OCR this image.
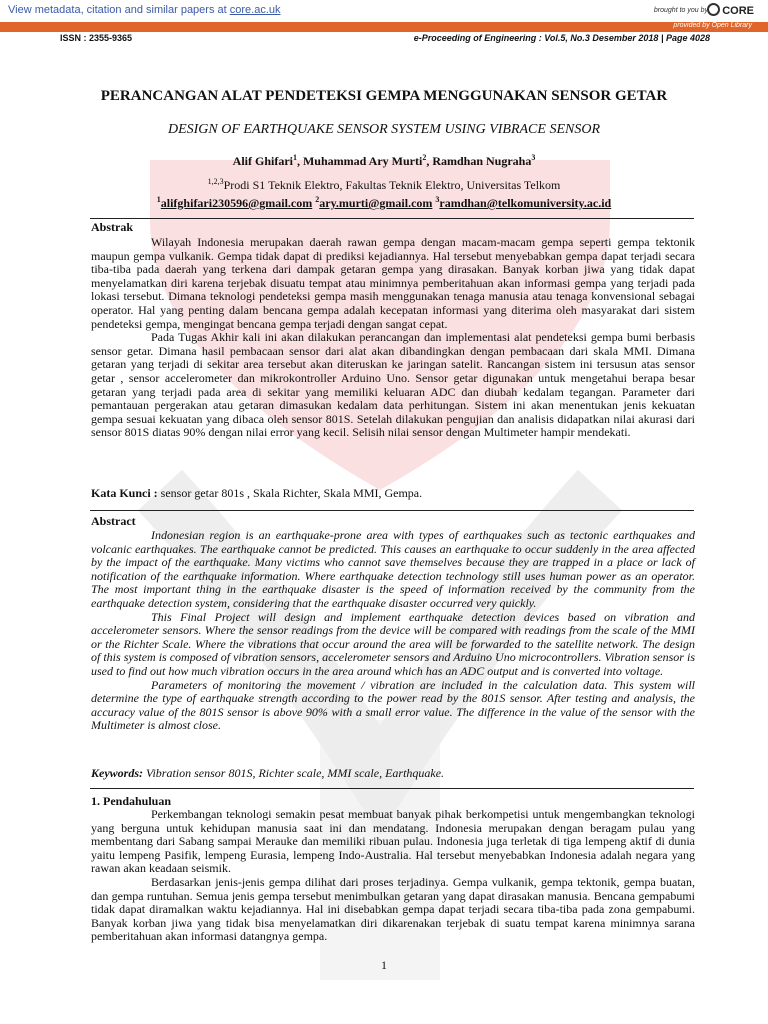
View metadata, citation and similar papers at core.ac.uk	brought to you by	CORE
provided by Open Library
ISSN : 2355-9365	e-Proceeding of Engineering : Vol.5, No.3 Desember 2018 | Page 4028
PERANCANGAN ALAT PENDETEKSI GEMPA MENGGUNAKAN SENSOR GETAR
DESIGN OF EARTHQUAKE SENSOR SYSTEM USING VIBRACE SENSOR
Alif Ghifari$^1$, Muhammad Ary Murti$^2$, Ramdhan Nugraha$^3$
$^{1,2,3}$Prodi S1 Teknik Elektro, Fakultas Teknik Elektro, Universitas Telkom
$^1$alifghifari230596@gmail.com $^2$ary.murti@gmail.com $^3$ramdhan@telkomuniversity.ac.id
Abstrak

Wilayah Indonesia merupakan daerah rawan gempa dengan macam-macam gempa seperti gempa tektonik maupun gempa vulkanik. Gempa tidak dapat di prediksi kejadiannya. Hal tersebut menyebabkan gempa dapat terjadi secara tiba-tiba pada daerah yang terkena dari dampak getaran gempa yang dirasakan. Banyak korban jiwa yang tidak dapat menyelamatkan diri karena terjebak disuatu tempat atau minimnya pemberitahuan akan informasi gempa yang terjadi pada lokasi tersebut. Dimana teknologi pendeteksi gempa masih menggunakan tenaga manusia atau tenaga konvensional sebagai operator. Hal yang penting dalam bencana gempa adalah kecepatan informasi yang diterima oleh masyarakat dari sistem pendeteksi gempa, mengingat bencana gempa terjadi dengan sangat cepat.

Pada Tugas Akhir kali ini akan dilakukan perancangan dan implementasi alat pendeteksi gempa bumi berbasis sensor getar. Dimana hasil pembacaan sensor dari alat akan dibandingkan dengan pembacaan dari skala MMI. Dimana getaran yang terjadi di sekitar area tersebut akan diteruskan ke jaringan satelit. Rancangan sistem ini tersusun atas sensor getar , sensor accelerometer dan mikrokontroller Arduino Uno. Sensor getar digunakan untuk mengetahui berapa besar getaran yang terjadi pada area di sekitar yang memiliki keluaran ADC dan diubah kedalam tegangan. Parameter dari pemantauan pergerakan atau getaran dimasukan kedalam data perhitungan. Sistem ini akan menentukan jenis kekuatan gempa sesuai kekuatan yang dibaca oleh sensor 801S. Setelah dilakukan pengujian dan analisis didapatkan nilai akurasi dari sensor 801S diatas 90% dengan nilai error yang kecil. Selisih nilai sensor dengan Multimeter hampir mendekati.

Kata Kunci : sensor getar 801s , Skala Richter, Skala MMI, Gempa.
Abstract

Indonesian region is an earthquake-prone area with types of earthquakes such as tectonic earthquakes and volcanic earthquakes. The earthquake cannot be predicted. This causes an earthquake to occur suddenly in the area affected by the impact of the earthquake. Many victims who cannot save themselves because they are trapped in a place or lack of notification of the earthquake information. Where earthquake detection technology still uses human power as an operator. The most important thing in the earthquake disaster is the speed of information received by the community from the earthquake detection system, considering that the earthquake disaster occurred very quickly.

This Final Project will design and implement earthquake detection devices based on vibration and accelerometer sensors. Where the sensor readings from the device will be compared with readings from the scale of the MMI or the Richter Scale. Where the vibrations that occur around the area will be forwarded to the satellite network. The design of this system is composed of vibration sensors, accelerometer sensors and Arduino Uno microcontrollers. Vibration sensor is used to find out how much vibration occurs in the area around which has an ADC output and is converted into voltage.

Parameters of monitoring the movement / vibration are included in the calculation data. This system will determine the type of earthquake strength according to the power read by the 801S sensor. After testing and analysis, the accuracy value of the 801S sensor is above 90% with a small error value. The difference in the value of the sensor with the Multimeter is almost close.

Keywords: Vibration sensor 801S, Richter scale, MMI scale, Earthquake.
1. Pendahuluan

Perkembangan teknologi semakin pesat membuat banyak pihak berkompetisi untuk mengembangkan teknologi yang berguna untuk kehidupan manusia saat ini dan mendatang. Indonesia merupakan dengan beragam pulau yang membentang dari Sabang sampai Merauke dan memiliki ribuan pulau. Indonesia juga terletak di tiga lempeng aktif di dunia yaitu lempeng Pasifik, lempeng Eurasia, lempeng Indo-Australia. Hal tersebut menyebabkan Indonesia adalah negara yang rawan akan keadaan seismik.

Berdasarkan jenis-jenis gempa dilihat dari proses terjadinya. Gempa vulkanik, gempa tektonik, gempa buatan, dan gempa runtuhan. Semua jenis gempa tersebut menimbulkan getaran yang dapat dirasakan manusia. Bencana gempabumi tidak dapat diramalkan waktu kejadiannya. Hal ini disebabkan gempa dapat terjadi secara tiba-tiba pada zona gempabumi. Banyak korban jiwa yang tidak bisa menyelamatkan diri dikarenakan terjebak di suatu tempat karena minimnya sarana pemberitahuan akan informasi datangnya gempa.

1
